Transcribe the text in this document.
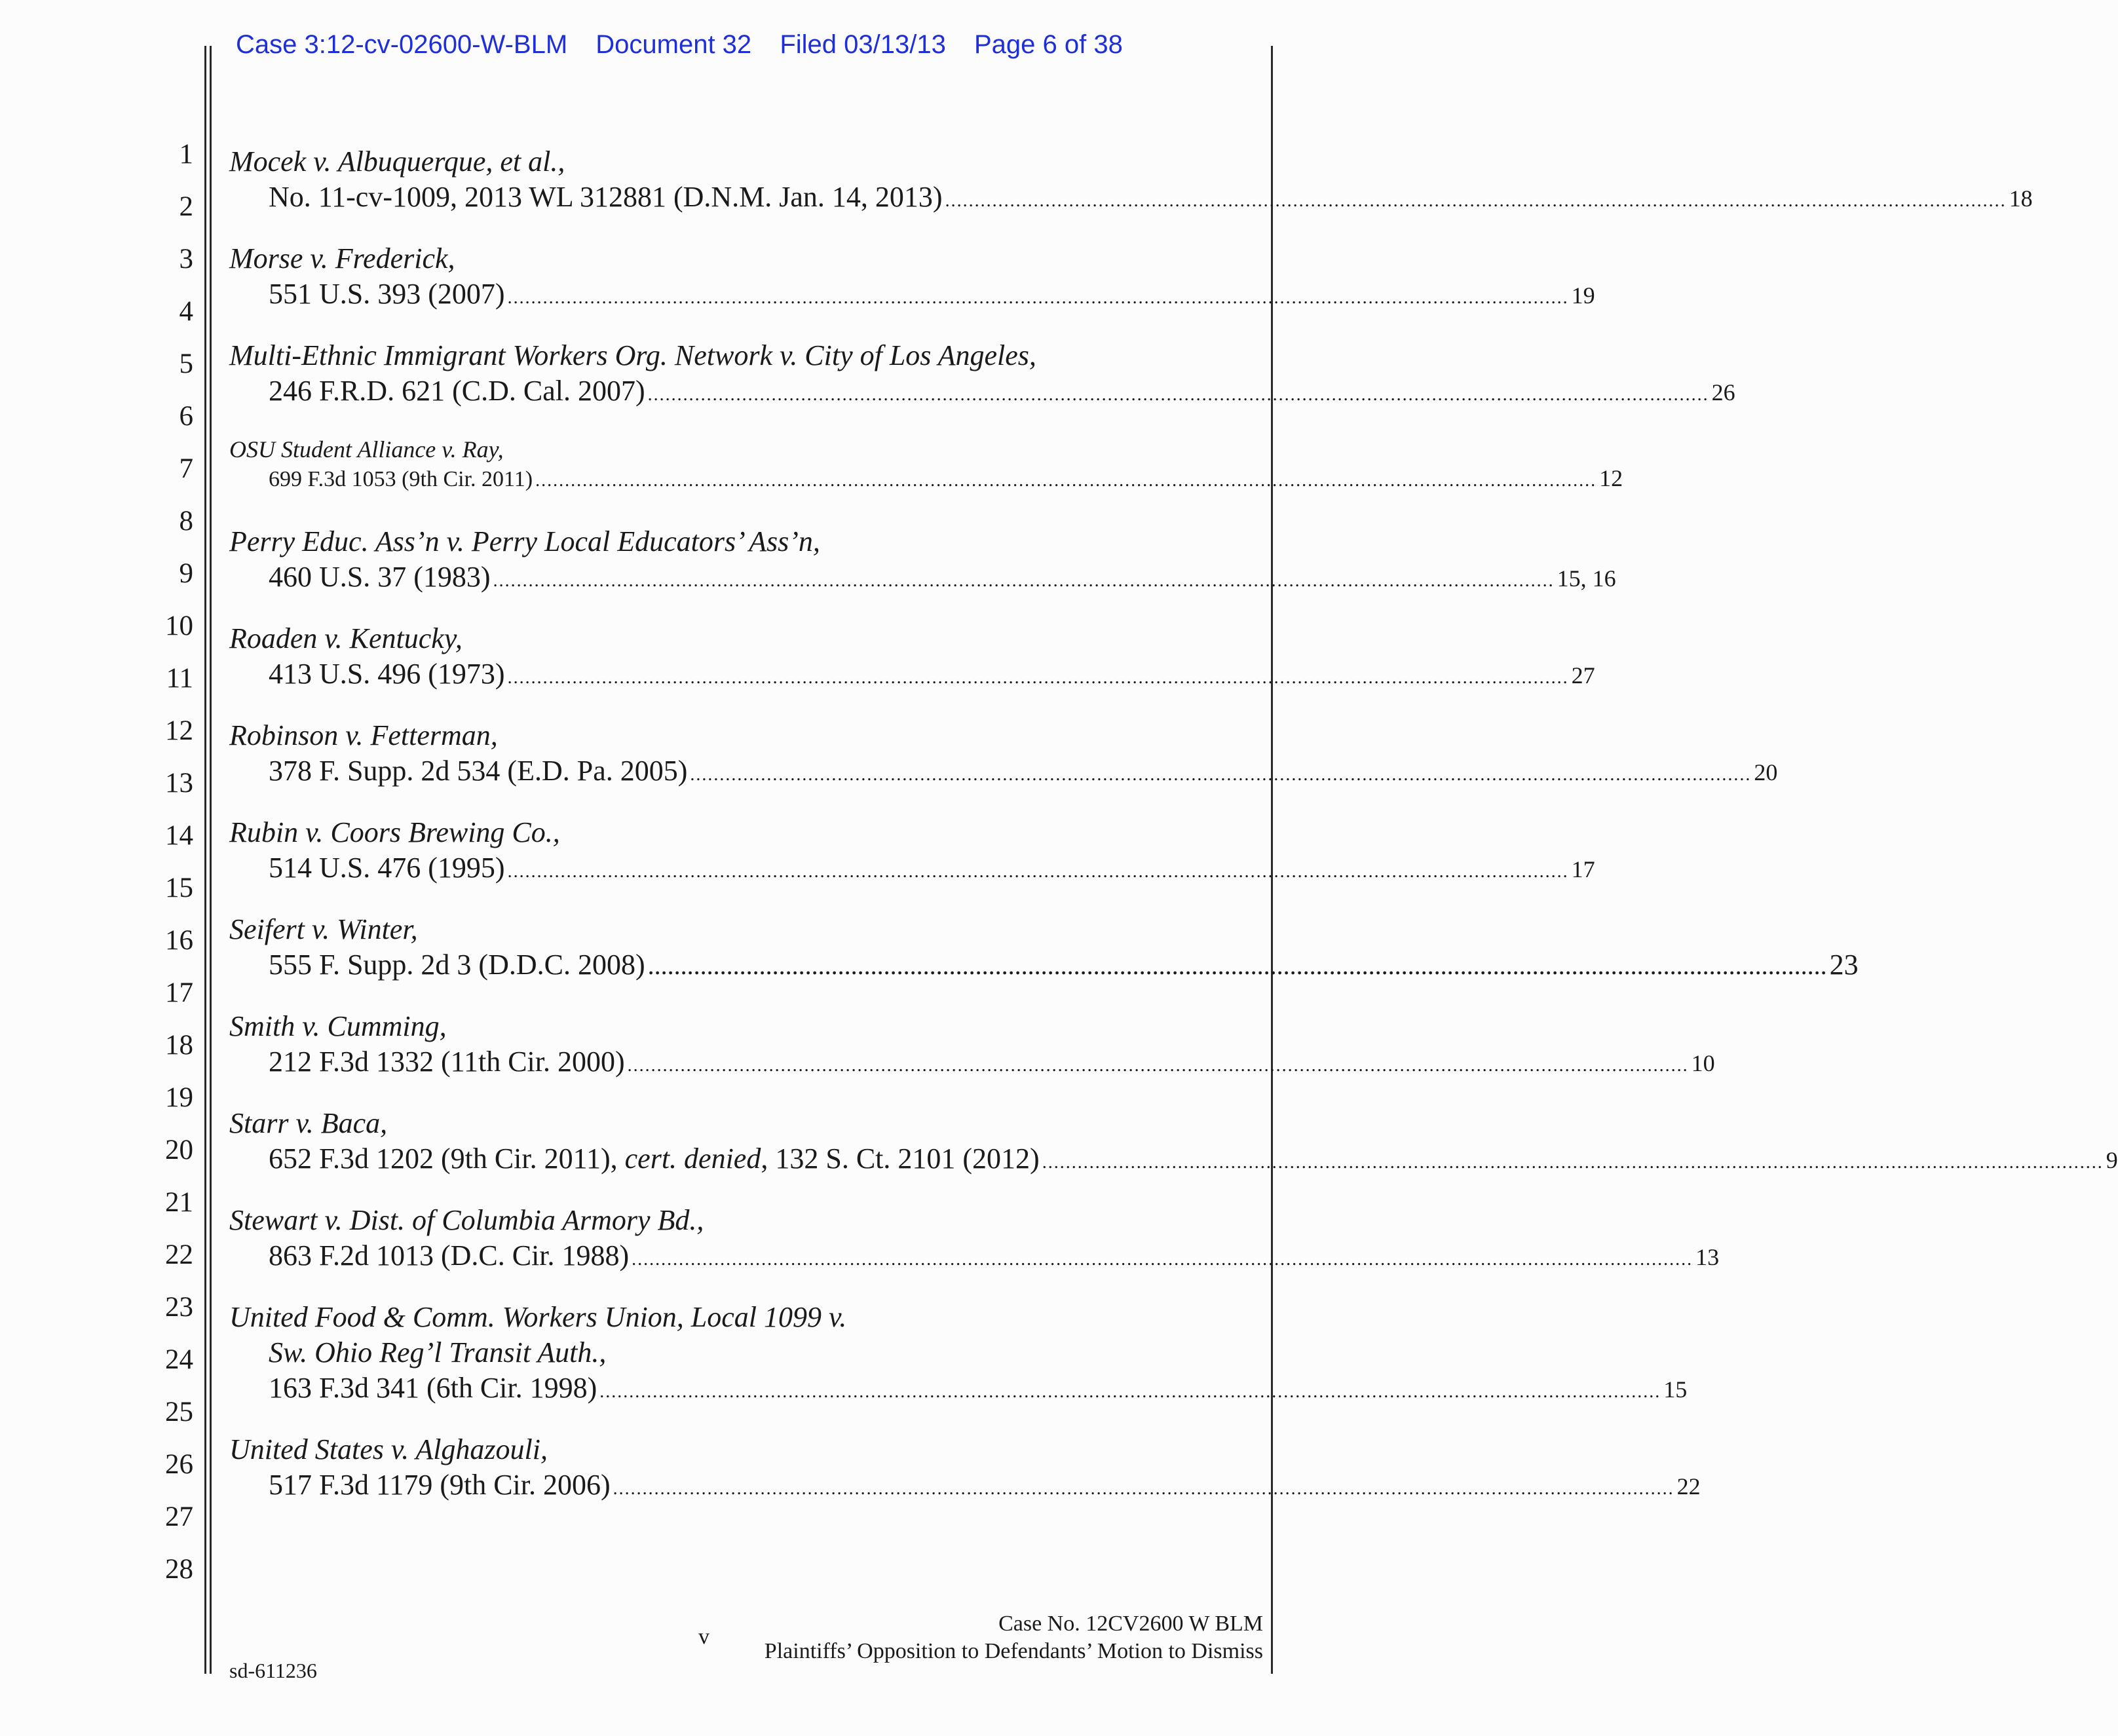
Case 3:12-cv-02600-W-BLM Document 32 Filed 03/13/13 Page 6 of 38
1
2
3
4
5
6
7
8
9
10
11
12
13
14
15
16
17
18
19
20
21
22
23
24
25
26
27
28
Mocek v. Albuquerque, et al.,
No. 11-cv-1009, 2013 WL 312881 (D.N.M. Jan. 14, 2013) .................................................................................................................................................................................... 18
Morse v. Frederick,
551 U.S. 393 (2007) .................................................................................................................................................................................... 19
Multi-Ethnic Immigrant Workers Org. Network v. City of Los Angeles,
246 F.R.D. 621 (C.D. Cal. 2007) .................................................................................................................................................................................... 26
OSU Student Alliance v. Ray,
699 F.3d 1053 (9th Cir. 2011) .................................................................................................................................................................................... 12
Perry Educ. Ass’n v. Perry Local Educators’ Ass’n,
460 U.S. 37 (1983) .................................................................................................................................................................................... 15, 16
Roaden v. Kentucky,
413 U.S. 496 (1973) .................................................................................................................................................................................... 27
Robinson v. Fetterman,
378 F. Supp. 2d 534 (E.D. Pa. 2005) .................................................................................................................................................................................... 20
Rubin v. Coors Brewing Co.,
514 U.S. 476 (1995) .................................................................................................................................................................................... 17
Seifert v. Winter,
555 F. Supp. 2d 3 (D.D.C. 2008) .................................................................................................................................................................................... 23
Smith v. Cumming,
212 F.3d 1332 (11th Cir. 2000) .................................................................................................................................................................................... 10
Starr v. Baca,
652 F.3d 1202 (9th Cir. 2011), cert. denied, 132 S. Ct. 2101 (2012) .................................................................................................................................................................................... 9
Stewart v. Dist. of Columbia Armory Bd.,
863 F.2d 1013 (D.C. Cir. 1988) .................................................................................................................................................................................... 13
United Food & Comm. Workers Union, Local 1099 v.
Sw. Ohio Reg’l Transit Auth.,
163 F.3d 341 (6th Cir. 1998) .................................................................................................................................................................................... 15
United States v. Alghazouli,
517 F.3d 1179 (9th Cir. 2006) .................................................................................................................................................................................... 22
v
Case No. 12CV2600 W BLM
Plaintiffs’ Opposition to Defendants’ Motion to Dismiss
sd-611236
